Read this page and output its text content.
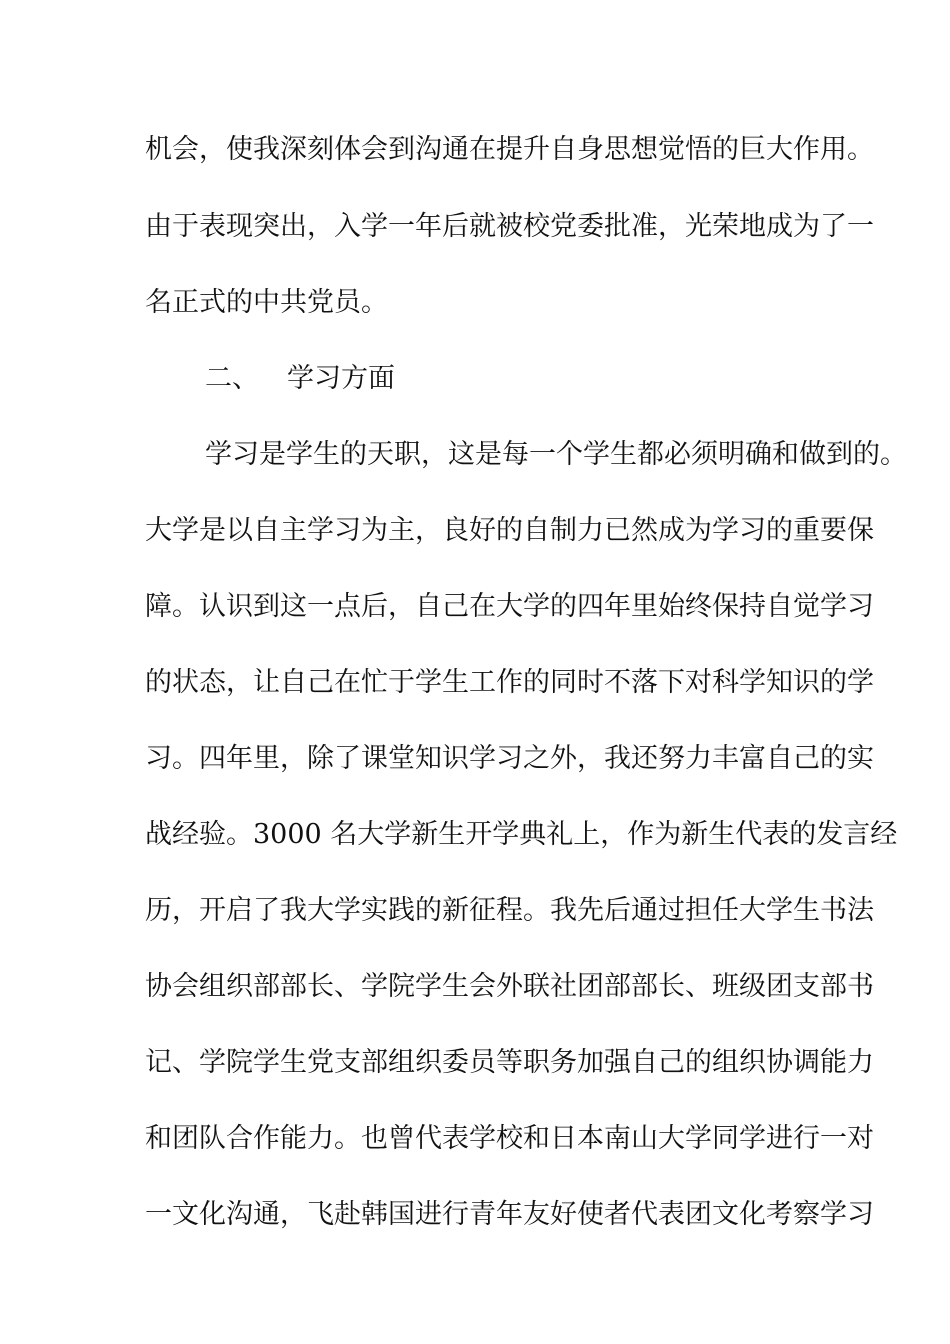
机会，使我深刻体会到沟通在提升自身思想觉悟的巨大作用。
由于表现突出，入学一年后就被校党委批准，光荣地成为了一
名正式的中共党员。
二、 学习方面
学习是学生的天职，这是每一个学生都必须明确和做到的。
大学是以自主学习为主，良好的自制力已然成为学习的重要保
障。认识到这一点后，自己在大学的四年里始终保持自觉学习
的状态，让自己在忙于学生工作的同时不落下对科学知识的学
习。四年里，除了课堂知识学习之外，我还努力丰富自己的实
战经验。3000 名大学新生开学典礼上，作为新生代表的发言经
历，开启了我大学实践的新征程。我先后通过担任大学生书法
协会组织部部长、学院学生会外联社团部部长、班级团支部书
记、学院学生党支部组织委员等职务加强自己的组织协调能力
和团队合作能力。也曾代表学校和日本南山大学同学进行一对
一文化沟通，飞赴韩国进行青年友好使者代表团文化考察学习
